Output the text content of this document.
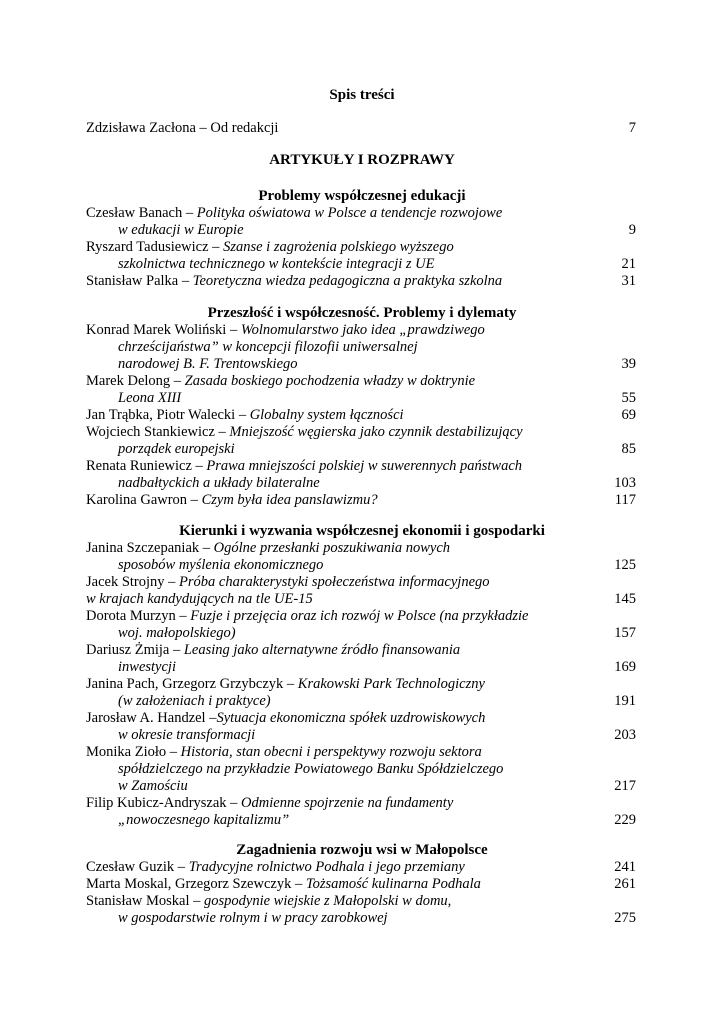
Spis treści
Zdzisława Zacłona – Od redakcji	7
ARTYKUŁY I ROZPRAWY
Problemy współczesnej edukacji
Czesław Banach – Polityka oświatowa w Polsce a tendencje rozwojowe
w edukacji w Europie	9
Ryszard Tadusiewicz – Szanse i zagrożenia polskiego wyższego
szkolnictwa technicznego w kontekście integracji z UE	21
Stanisław Palka – Teoretyczna wiedza pedagogiczna a praktyka szkolna	31
Przeszłość i współczesność. Problemy i dylematy
Konrad Marek Woliński – Wolnomularstwo jako idea „prawdziwego
chrześcijaństwa” w koncepcji filozofii uniwersalnej
narodowej B. F. Trentowskiego	39
Marek Delong – Zasada boskiego pochodzenia władzy w doktrynie
Leona XIII	55
Jan Trąbka, Piotr Walecki – Globalny system łączności	69
Wojciech Stankiewicz – Mniejszość węgierska jako czynnik destabilizujący
porządek europejski	85
Renata Runiewicz – Prawa mniejszości polskiej w suwerennych państwach
nadbałtyckich a układy bilateralne	103
Karolina Gawron – Czym była idea panslawizmu?	117
Kierunki i wyzwania współczesnej ekonomii i gospodarki
Janina Szczepaniak – Ogólne przesłanki poszukiwania nowych
sposobów myślenia ekonomicznego	125
Jacek Strojny – Próba charakterystyki społeczeństwa informacyjnego
w krajach kandydujących na tle UE-15	145
Dorota Murzyn – Fuzje i przejęcia oraz ich rozwój w Polsce (na przykładzie
woj. małopolskiego)	157
Dariusz Żmija – Leasing jako alternatywne źródło finansowania
inwestycji	169
Janina Pach, Grzegorz Grzybczyk – Krakowski Park Technologiczny
(w założeniach i praktyce)	191
Jarosław A. Handzel –Sytuacja ekonomiczna spółek uzdrowiskowych
w okresie transformacji	203
Monika Zioło – Historia, stan obecni i perspektywy rozwoju sektora
spółdzielczego na przykładzie Powiatowego Banku Spółdzielczego
w Zamościu	217
Filip Kubicz-Andryszak – Odmienne spojrzenie na fundamenty
„nowoczesnego kapitalizmu”	229
Zagadnienia rozwoju wsi w Małopolsce
Czesław Guzik – Tradycyjne rolnictwo Podhala i jego przemiany	241
Marta Moskal, Grzegorz Szewczyk – Tożsamość kulinarna Podhala	261
Stanisław Moskal – gospodynie wiejskie z Małopolski w domu,
w gospodarstwie rolnym i w pracy zarobkowej	275
